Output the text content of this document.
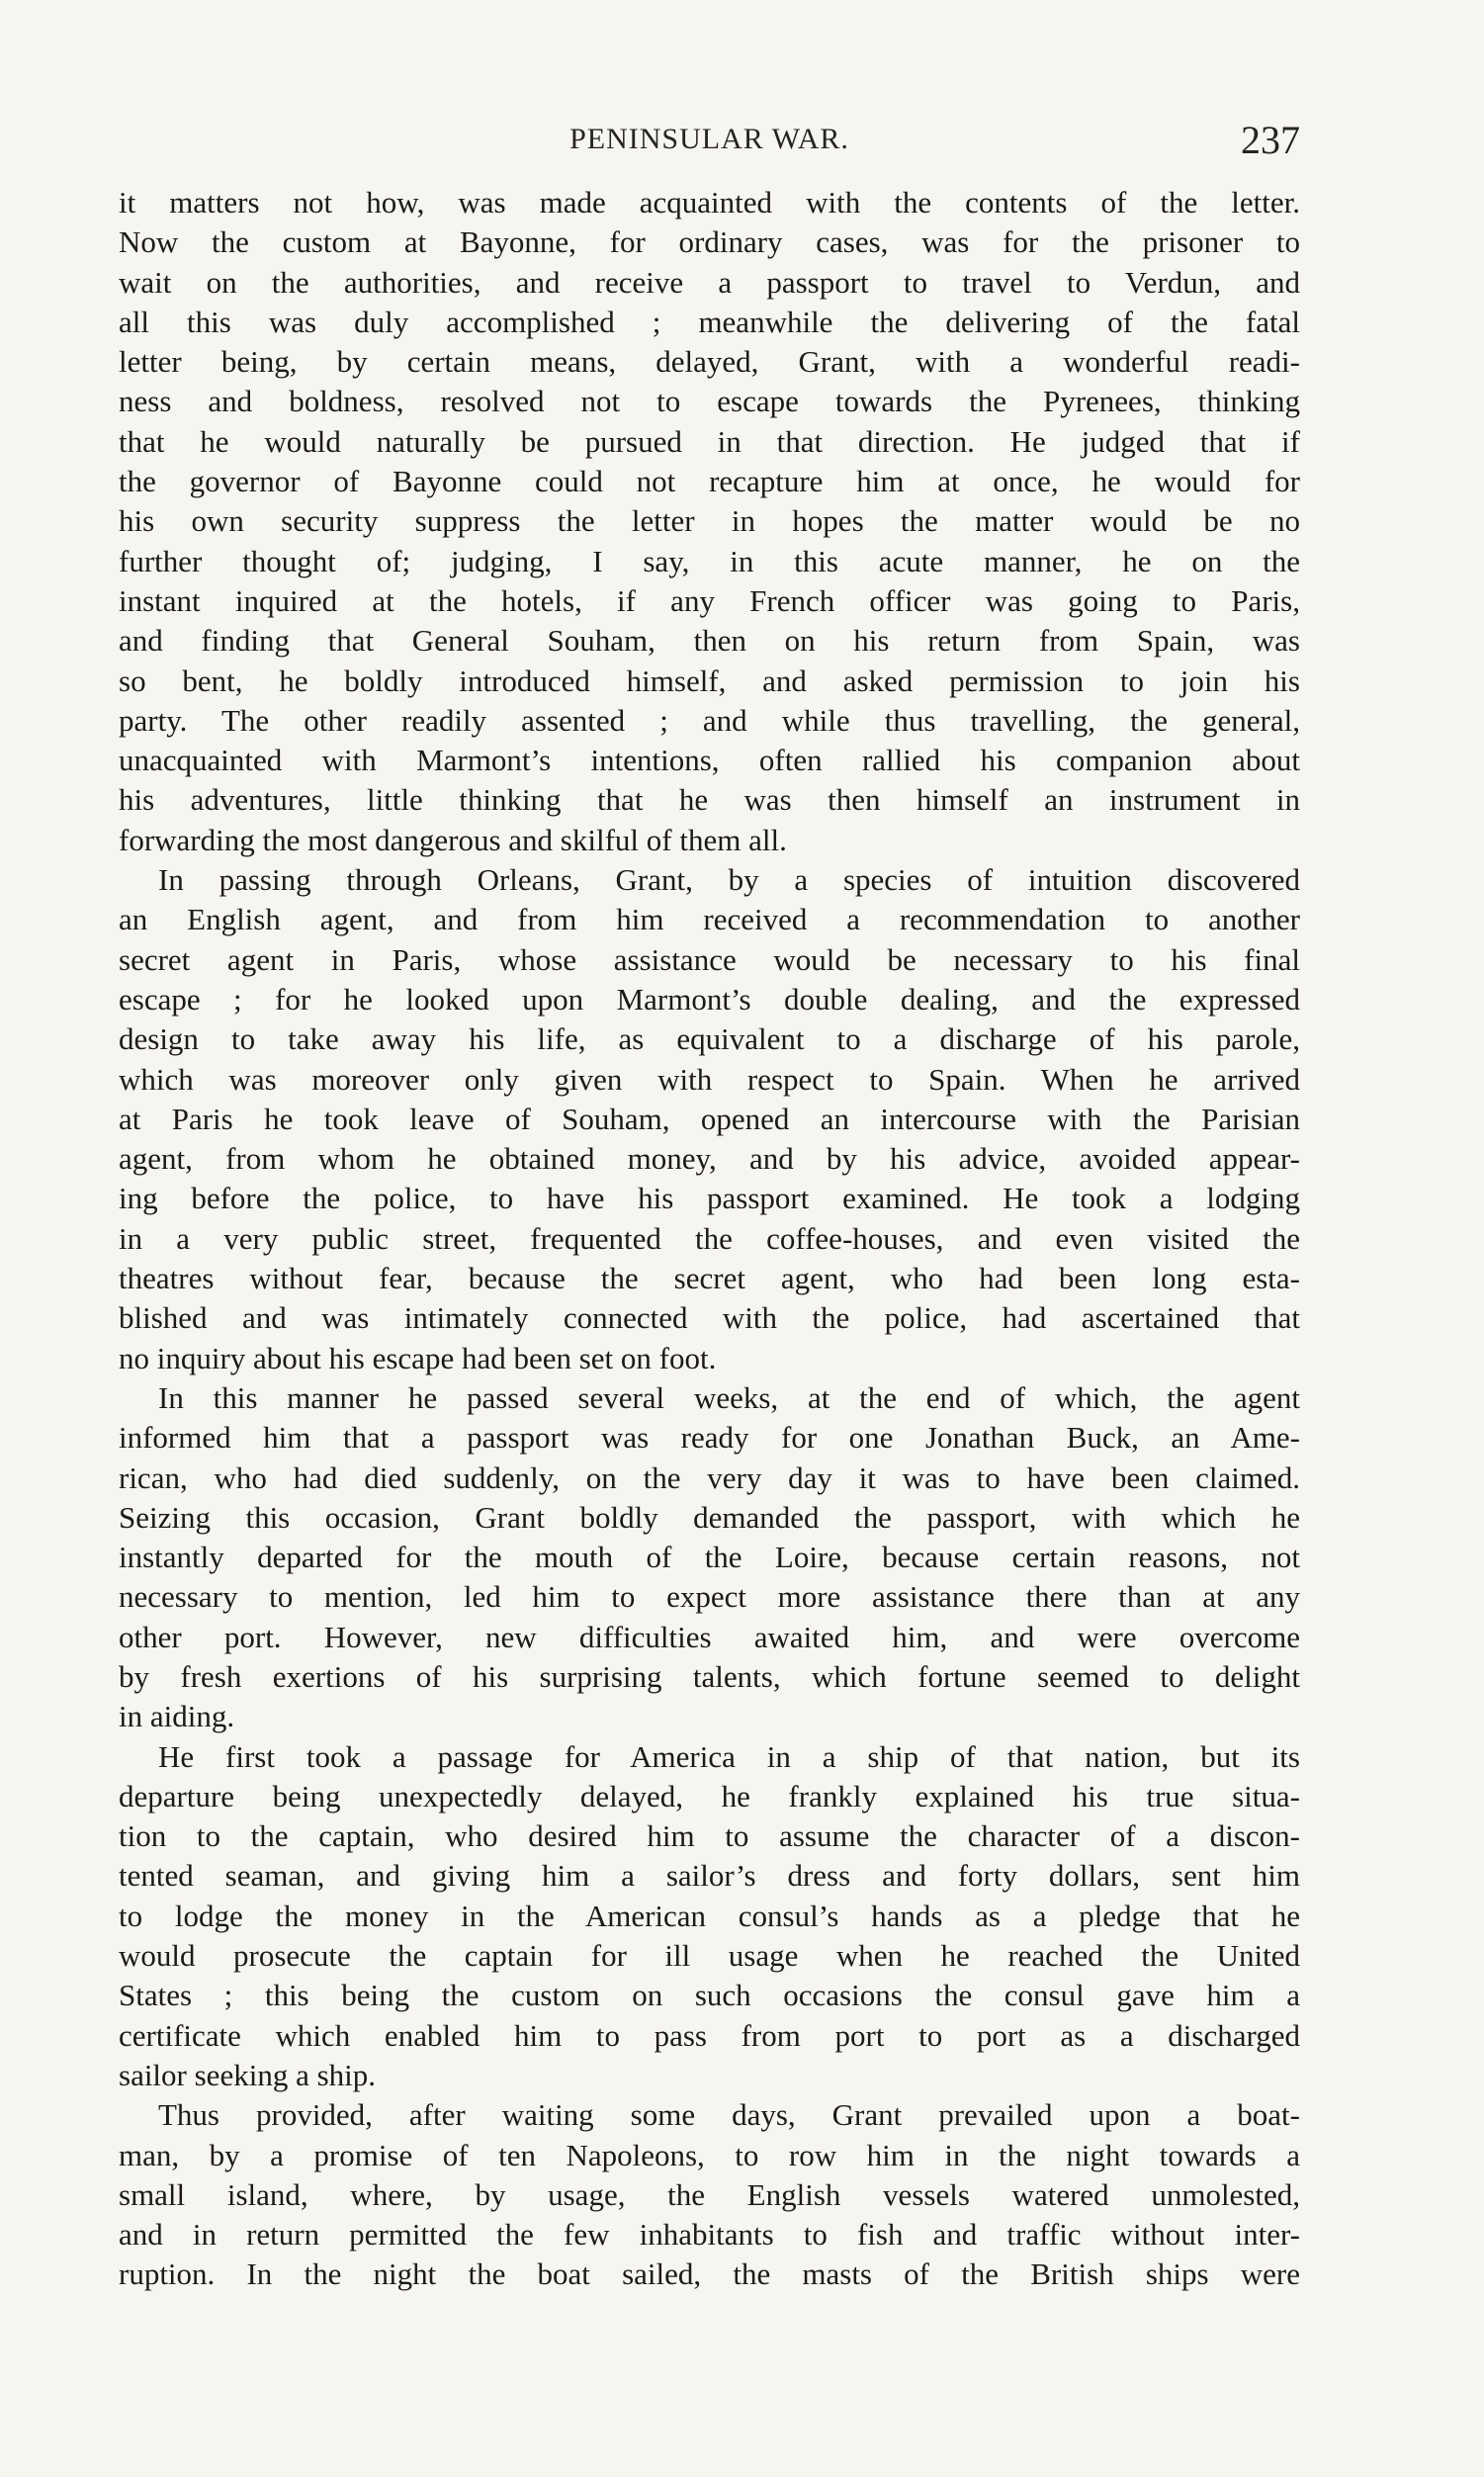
PENINSULAR WAR.	237
it matters not how, was made acquainted with the contents of the letter.
Now the custom at Bayonne, for ordinary cases, was for the prisoner to
wait on the authorities, and receive a passport to travel to Verdun, and
all this was duly accomplished ; meanwhile the delivering of the fatal
letter being, by certain means, delayed, Grant, with a wonderful readi-
ness and boldness, resolved not to escape towards the Pyrenees, thinking
that he would naturally be pursued in that direction. He judged that if
the governor of Bayonne could not recapture him at once, he would for
his own security suppress the letter in hopes the matter would be no
further thought of; judging, I say, in this acute manner, he on the
instant inquired at the hotels, if any French officer was going to Paris,
and finding that General Souham, then on his return from Spain, was
so bent, he boldly introduced himself, and asked permission to join his
party. The other readily assented ; and while thus travelling, the general,
unacquainted with Marmont’s intentions, often rallied his companion about
his adventures, little thinking that he was then himself an instrument in
forwarding the most dangerous and skilful of them all.
In passing through Orleans, Grant, by a species of intuition discovered
an English agent, and from him received a recommendation to another
secret agent in Paris, whose assistance would be necessary to his final
escape ; for he looked upon Marmont’s double dealing, and the expressed
design to take away his life, as equivalent to a discharge of his parole,
which was moreover only given with respect to Spain. When he arrived
at Paris he took leave of Souham, opened an intercourse with the Parisian
agent, from whom he obtained money, and by his advice, avoided appear-
ing before the police, to have his passport examined. He took a lodging
in a very public street, frequented the coffee-houses, and even visited the
theatres without fear, because the secret agent, who had been long esta-
blished and was intimately connected with the police, had ascertained that
no inquiry about his escape had been set on foot.
In this manner he passed several weeks, at the end of which, the agent
informed him that a passport was ready for one Jonathan Buck, an Ame-
rican, who had died suddenly, on the very day it was to have been claimed.
Seizing this occasion, Grant boldly demanded the passport, with which he
instantly departed for the mouth of the Loire, because certain reasons, not
necessary to mention, led him to expect more assistance there than at any
other port. However, new difficulties awaited him, and were overcome
by fresh exertions of his surprising talents, which fortune seemed to delight
in aiding.
He first took a passage for America in a ship of that nation, but its
departure being unexpectedly delayed, he frankly explained his true situa-
tion to the captain, who desired him to assume the character of a discon-
tented seaman, and giving him a sailor’s dress and forty dollars, sent him
to lodge the money in the American consul’s hands as a pledge that he
would prosecute the captain for ill usage when he reached the United
States ; this being the custom on such occasions the consul gave him a
certificate which enabled him to pass from port to port as a discharged
sailor seeking a ship.
Thus provided, after waiting some days, Grant prevailed upon a boat-
man, by a promise of ten Napoleons, to row him in the night towards a
small island, where, by usage, the English vessels watered unmolested,
and in return permitted the few inhabitants to fish and traffic without inter-
ruption. In the night the boat sailed, the masts of the British ships were
